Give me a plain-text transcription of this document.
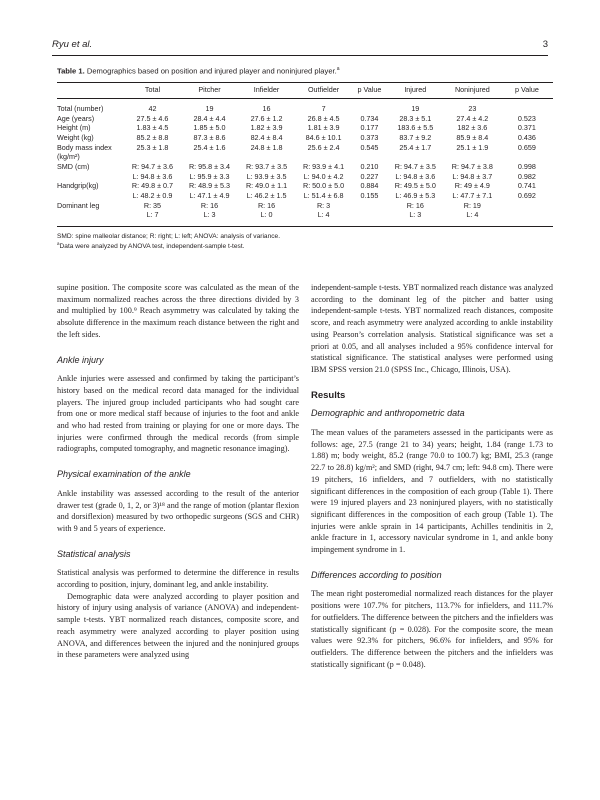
Ryu et al.	3
Table 1. Demographics based on position and injured player and noninjured player.$^a$
	Total	Pitcher	Infielder	Outfielder	p Value	Injured	Noninjured	p Value
Total (number)	42	19	16	7		19	23	
Age (years)	27.5 ± 4.6	28.4 ± 4.4	27.6 ± 1.2	26.8 ± 4.5	0.734	28.3 ± 5.1	27.4 ± 4.2	0.523
Height (m)	1.83 ± 4.5	1.85 ± 5.0	1.82 ± 3.9	1.81 ± 3.9	0.177	183.6 ± 5.5	182 ± 3.6	0.371
Weight (kg)	85.2 ± 8.8	87.3 ± 8.6	82.4 ± 8.4	84.6 ± 10.1	0.373	83.7 ± 9.2	85.9 ± 8.4	0.436
Body mass index	25.3 ± 1.8	25.4 ± 1.6	24.8 ± 1.8	25.6 ± 2.4	0.545	25.4 ± 1.7	25.1 ± 1.9	0.659
(kg/m²)								
SMD (cm)	R: 94.7 ± 3.6	R: 95.8 ± 3.4	R: 93.7 ± 3.5	R: 93.9 ± 4.1	0.210	R: 94.7 ± 3.5	R: 94.7 ± 3.8	0.998
	L: 94.8 ± 3.6	L: 95.9 ± 3.3	L: 93.9 ± 3.5	L: 94.0 ± 4.2	0.227	L: 94.8 ± 3.6	L: 94.8 ± 3.7	0.982
Handgrip(kg)	R: 49.8 ± 0.7	R: 48.9 ± 5.3	R: 49.0 ± 1.1	R: 50.0 ± 5.0	0.884	R: 49.5 ± 5.0	R: 49 ± 4.9	0.741
	L: 48.2 ± 0.9	L: 47.1 ± 4.9	L: 46.2 ± 1.5	L: 51.4 ± 6.8	0.155	L: 46.9 ± 5.3	L: 47.7 ± 7.1	0.692
Dominant leg	R: 35	R: 16	R: 16	R: 3		R: 16	R: 19	
	L: 7	L: 3	L: 0	L: 4		L: 3	L: 4	
SMD: spine malleolar distance; R: right; L: left; ANOVA: analysis of variance.
$^a$Data were analyzed by ANOVA test, independent-sample t-test.

supine position. The composite score was calculated as the mean of the maximum normalized reaches across the three directions divided by 3 and multiplied by 100.⁹ Reach asymmetry was calculated by taking the absolute difference in the maximum reach distance between the right and the left sides.

Ankle injury

Ankle injuries were assessed and confirmed by taking the participant’s history based on the medical record data managed for the individual players. The injured group included participants who had sought care from one or more medical staff because of injuries to the foot and ankle and who had rested from training or playing for one or more days. The injuries were confirmed through the medical records (from simple radiographs, computed tomography, and magnetic resonance imaging).

Physical examination of the ankle

Ankle instability was assessed according to the result of the anterior drawer test (grade 0, 1, 2, or 3)¹⁸ and the range of motion (plantar flexion and dorsiflexion) measured by two orthopedic surgeons (SGS and CHR) with 9 and 5 years of experience.

Statistical analysis

Statistical analysis was performed to determine the difference in results according to position, injury, dominant leg, and ankle instability.

Demographic data were analyzed according to player position and history of injury using analysis of variance (ANOVA) and independent-sample t-tests. YBT normalized reach distances, composite score, and reach asymmetry were analyzed according to player position using ANOVA, and differences between the injured and the noninjured groups in these parameters were analyzed using

independent-sample t-tests. YBT normalized reach distance was analyzed according to the dominant leg of the pitcher and batter using independent-sample t-tests. YBT normalized reach distances, composite score, and reach asymmetry were analyzed according to ankle instability using Pearson’s correlation analysis. Statistical significance was set a priori at 0.05, and all analyses included a 95% confidence interval for statistical significance. The statistical analyses were performed using IBM SPSS version 21.0 (SPSS Inc., Chicago, Illinois, USA).

Results
Demographic and anthropometric data

The mean values of the parameters assessed in the participants were as follows: age, 27.5 (range 21 to 34) years; height, 1.84 (range 1.73 to 1.88) m; body weight, 85.2 (range 70.0 to 100.7) kg; BMI, 25.3 (range 22.7 to 28.8) kg/m²; and SMD (right, 94.7 cm; left: 94.8 cm). There were 19 pitchers, 16 infielders, and 7 outfielders, with no statistically significant differences in the composition of each group (Table 1). There were 19 injured players and 23 noninjured players, with no statistically significant differences in the composition of each group (Table 1). The injuries were ankle sprain in 14 participants, Achilles tendinitis in 2, ankle fracture in 1, accessory navicular syndrome in 1, and ankle bony impingement syndrome in 1.

Differences according to position

The mean right posteromedial normalized reach distances for the player positions were 107.7% for pitchers, 113.7% for infielders, and 111.7% for outfielders. The difference between the pitchers and the infielders was statistically significant (p = 0.028). For the composite score, the mean values were 92.3% for pitchers, 96.6% for infielders, and 95% for outfielders. The difference between the pitchers and the infielders was statistically significant (p = 0.048).
